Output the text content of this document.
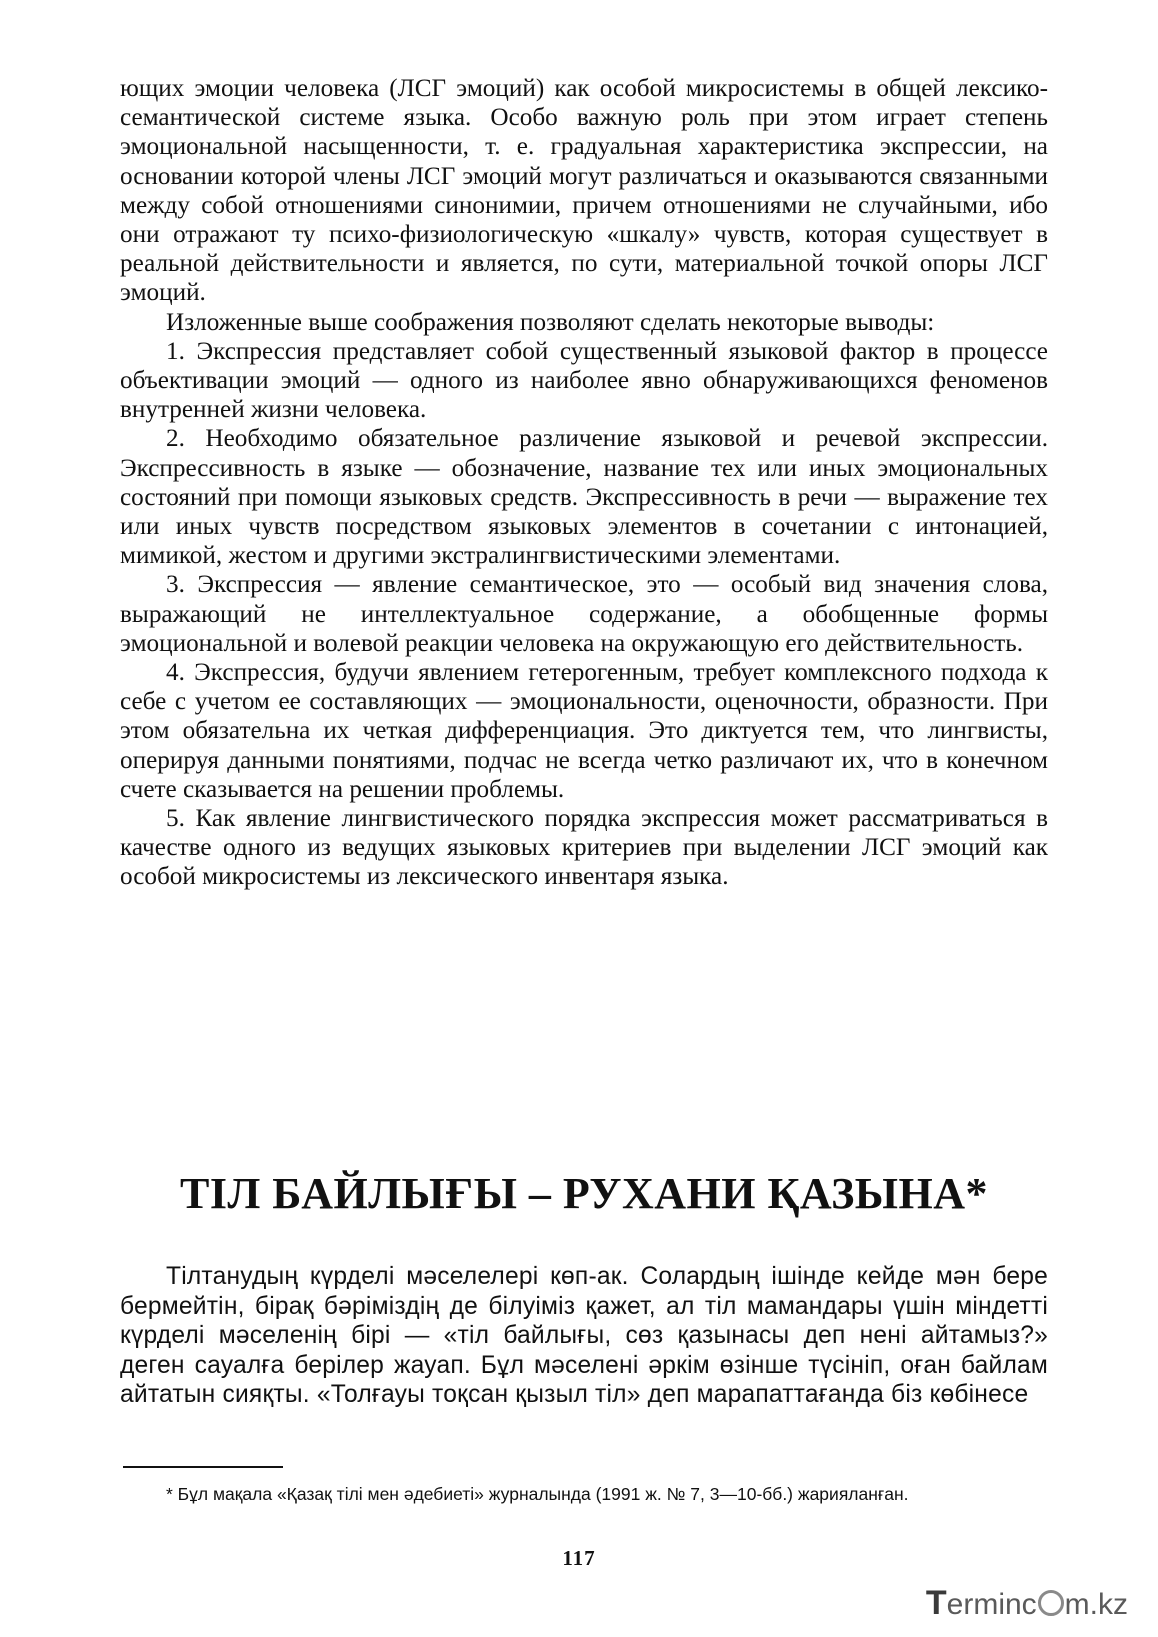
ющих эмоции человека (ЛСГ эмоций) как особой микросистемы в общей лексико-семантической системе языка. Особо важную роль при этом играет степень эмоциональной насыщенности, т. е. градуальная характеристика экспрессии, на основании которой члены ЛСГ эмоций могут различаться и оказываются связанными между собой отношениями синонимии, причем отношениями не случайными, ибо они отражают ту психо-физиологическую «шкалу» чувств, которая существует в реальной действительности и является, по сути, материальной точкой опоры ЛСГ эмоций.

Изложенные выше соображения позволяют сделать некоторые выводы:

1. Экспрессия представляет собой существенный языковой фактор в процессе объективации эмоций — одного из наиболее явно обнаруживающихся феноменов внутренней жизни человека.

2. Необходимо обязательное различение языковой и речевой экспрессии. Экспрессивность в языке — обозначение, название тех или иных эмоциональных состояний при помощи языковых средств. Экспрессивность в речи — выражение тех или иных чувств посредством языковых элементов в сочетании с интонацией, мимикой, жестом и другими экстралингвистическими элементами.

3. Экспрессия — явление семантическое, это — особый вид значения слова, выражающий не интеллектуальное содержание, а обобщенные формы эмоциональной и волевой реакции человека на окружающую его действительность.

4. Экспрессия, будучи явлением гетерогенным, требует комплексного подхода к себе с учетом ее составляющих — эмоциональности, оценочности, образности. При этом обязательна их четкая дифференциация. Это диктуется тем, что лингвисты, оперируя данными понятиями, подчас не всегда четко различают их, что в конечном счете сказывается на решении проблемы.

5. Как явление лингвистического порядка экспрессия может рассматриваться в качестве одного из ведущих языковых критериев при выделении ЛСГ эмоций как особой микросистемы из лексического инвентаря языка.

ТІЛ БАЙЛЫҒЫ – РУХАНИ ҚАЗЫНА*

Тілтанудың күрделі мәселелері көп-ак. Солардың ішінде кейде мән бере бермейтін, бірақ бәріміздің де білуіміз қажет, ал тіл мамандары үшін міндетті күрделі мәселенің бірі — «тіл байлығы, сөз қазынасы деп нені айтамыз?» деген сауалға берілер жауап. Бұл мәселені әркім өзінше түсініп, оған байлам айтатын сияқты. «Толғауы тоқсан қызыл тіл» деп марапаттағанда біз көбінесе

* Бұл мақала «Қазақ тілі мен әдебиеті» журналында (1991 ж. № 7, 3—10-бб.) жарияланған.

117
T erminc m.kz
